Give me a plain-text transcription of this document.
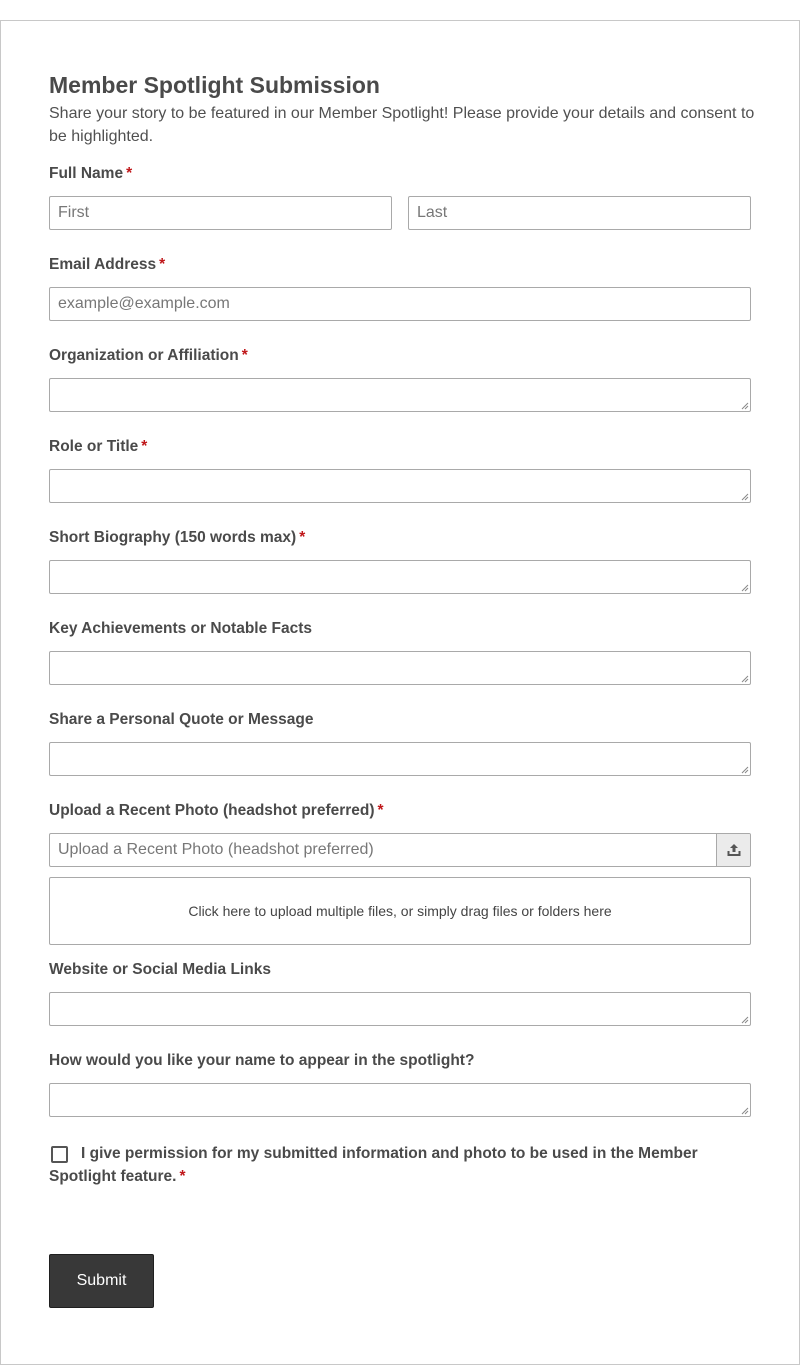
Member Spotlight Submission
Share your story to be featured in our Member Spotlight! Please provide your details and consent to be highlighted.
Full Name *
First	Last
Email Address *
example@example.com
Organization or Affiliation *
Role or Title *
Short Biography (150 words max) *
Key Achievements or Notable Facts
Share a Personal Quote or Message
Upload a Recent Photo (headshot preferred) *
Upload a Recent Photo (headshot preferred)
Click here to upload multiple files, or simply drag files or folders here
Website or Social Media Links
How would you like your name to appear in the spotlight?
I give permission for my submitted information and photo to be used in the Member Spotlight feature. *
Submit
